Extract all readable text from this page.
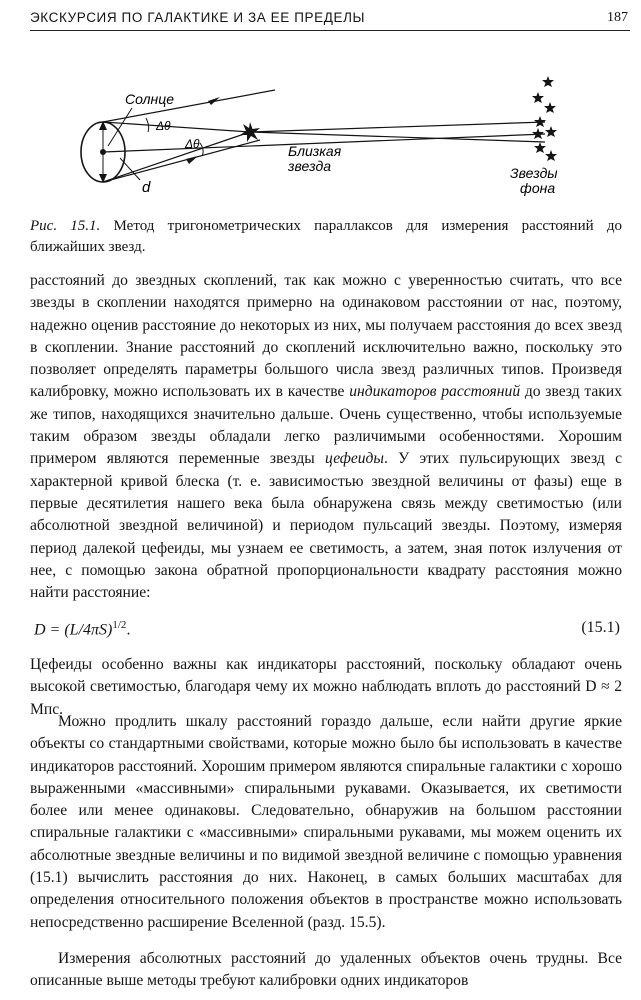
ЭКСКУРСИЯ ПО ГАЛАКТИКЕ И ЗА ЕЕ ПРЕДЕЛЫ	187
Солнце
Δθ
Δθ
d
Близкая
звезда	Звезды
фона
Рис. 15.1. Метод тригонометрических параллаксов для измерения расстояний до ближайших звезд.

расстояний до звездных скоплений, так как можно с уверенностью считать, что все звезды в скоплении находятся примерно на одинаковом расстоянии от нас, поэтому, надежно оценив расстояние до некоторых из них, мы получаем расстояния до всех звезд в скоплении. Знание расстояний до скоплений исключительно важно, поскольку это позволяет определять параметры большого числа звезд различных типов. Произведя калибровку, можно использовать их в качестве индикаторов расстояний до звезд таких же типов, находящихся значительно дальше. Очень существенно, чтобы используемые таким образом звезды обладали легко различимыми особенностями. Хорошим примером являются переменные звезды цефеиды. У этих пульсирующих звезд с характерной кривой блеска (т. е. зависимостью звездной величины от фазы) еще в первые десятилетия нашего века была обнаружена связь между светимостью (или абсолютной звездной величиной) и периодом пульсаций звезды. Поэтому, измеряя период далекой цефеиды, мы узнаем ее светимость, а затем, зная поток излучения от нее, с помощью закона обратной пропорциональности квадрату расстояния можно найти расстояние:

$D = (L/4\pi S)^{1/2}$.	(15.1)

Цефеиды особенно важны как индикаторы расстояний, поскольку обладают очень высокой светимостью, благодаря чему их можно наблюдать вплоть до расстояний D ≈ 2 Мпс.

Можно продлить шкалу расстояний гораздо дальше, если найти другие яркие объекты со стандартными свойствами, которые можно было бы использовать в качестве индикаторов расстояний. Хорошим примером являются спиральные галактики с хорошо выраженными «массивными» спиральными рукавами. Оказывается, их светимости более или менее одинаковы. Следовательно, обнаружив на большом расстоянии спиральные галактики с «массивными» спиральными рукавами, мы можем оценить их абсолютные звездные величины и по видимой звездной величине с помощью уравнения (15.1) вычислить расстояния до них. Наконец, в самых больших масштабах для определения относительного положения объектов в пространстве можно использовать непосредственно расширение Вселенной (разд. 15.5).

Измерения абсолютных расстояний до удаленных объектов очень трудны. Все описанные выше методы требуют калибровки одних индикаторов
